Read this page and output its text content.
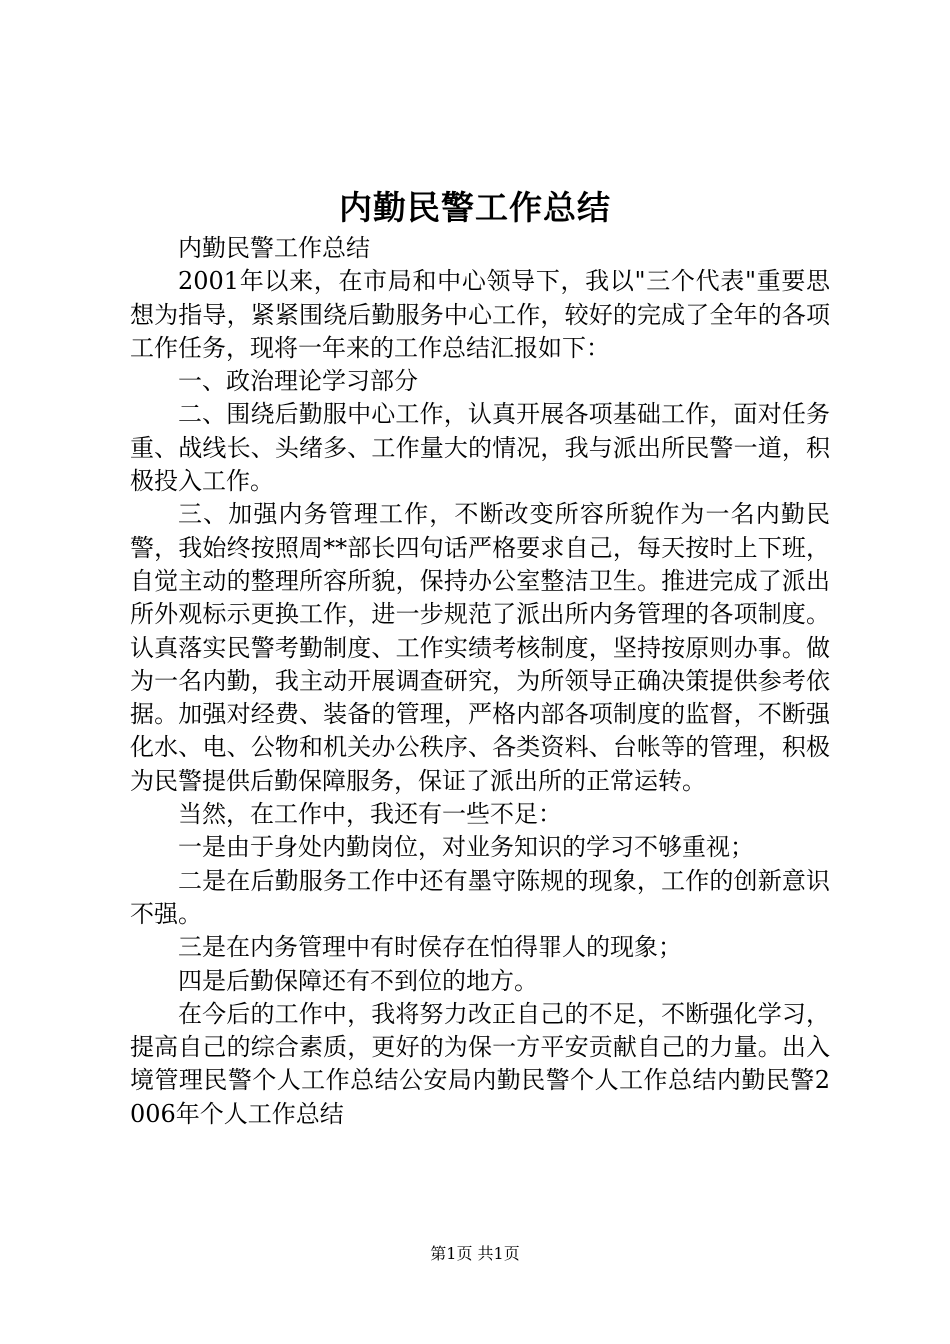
内勤民警工作总结

内勤民警工作总结

2001年以来，在市局和中心领导下，我以"三个代表"重要思想为指导，紧紧围绕后勤服务中心工作，较好的完成了全年的各项工作任务，现将一年来的工作总结汇报如下：

一、政治理论学习部分

二、围绕后勤服中心工作，认真开展各项基础工作，面对任务重、战线长、头绪多、工作量大的情况，我与派出所民警一道，积极投入工作。

三、加强内务管理工作，不断改变所容所貌作为一名内勤民警，我始终按照周**部长四句话严格要求自己，每天按时上下班，自觉主动的整理所容所貌，保持办公室整洁卫生。推进完成了派出所外观标示更换工作，进一步规范了派出所内务管理的各项制度。认真落实民警考勤制度、工作实绩考核制度，坚持按原则办事。做为一名内勤，我主动开展调查研究，为所领导正确决策提供参考依据。加强对经费、装备的管理，严格内部各项制度的监督，不断强化水、电、公物和机关办公秩序、各类资料、台帐等的管理，积极为民警提供后勤保障服务，保证了派出所的正常运转。

当然，在工作中，我还有一些不足：

一是由于身处内勤岗位，对业务知识的学习不够重视；

二是在后勤服务工作中还有墨守陈规的现象，工作的创新意识不强。

三是在内务管理中有时侯存在怕得罪人的现象；

四是后勤保障还有不到位的地方。

在今后的工作中，我将努力改正自己的不足，不断强化学习，提高自己的综合素质，更好的为保一方平安贡献自己的力量。出入境管理民警个人工作总结公安局内勤民警个人工作总结内勤民警2006年个人工作总结

第1页 共1页
